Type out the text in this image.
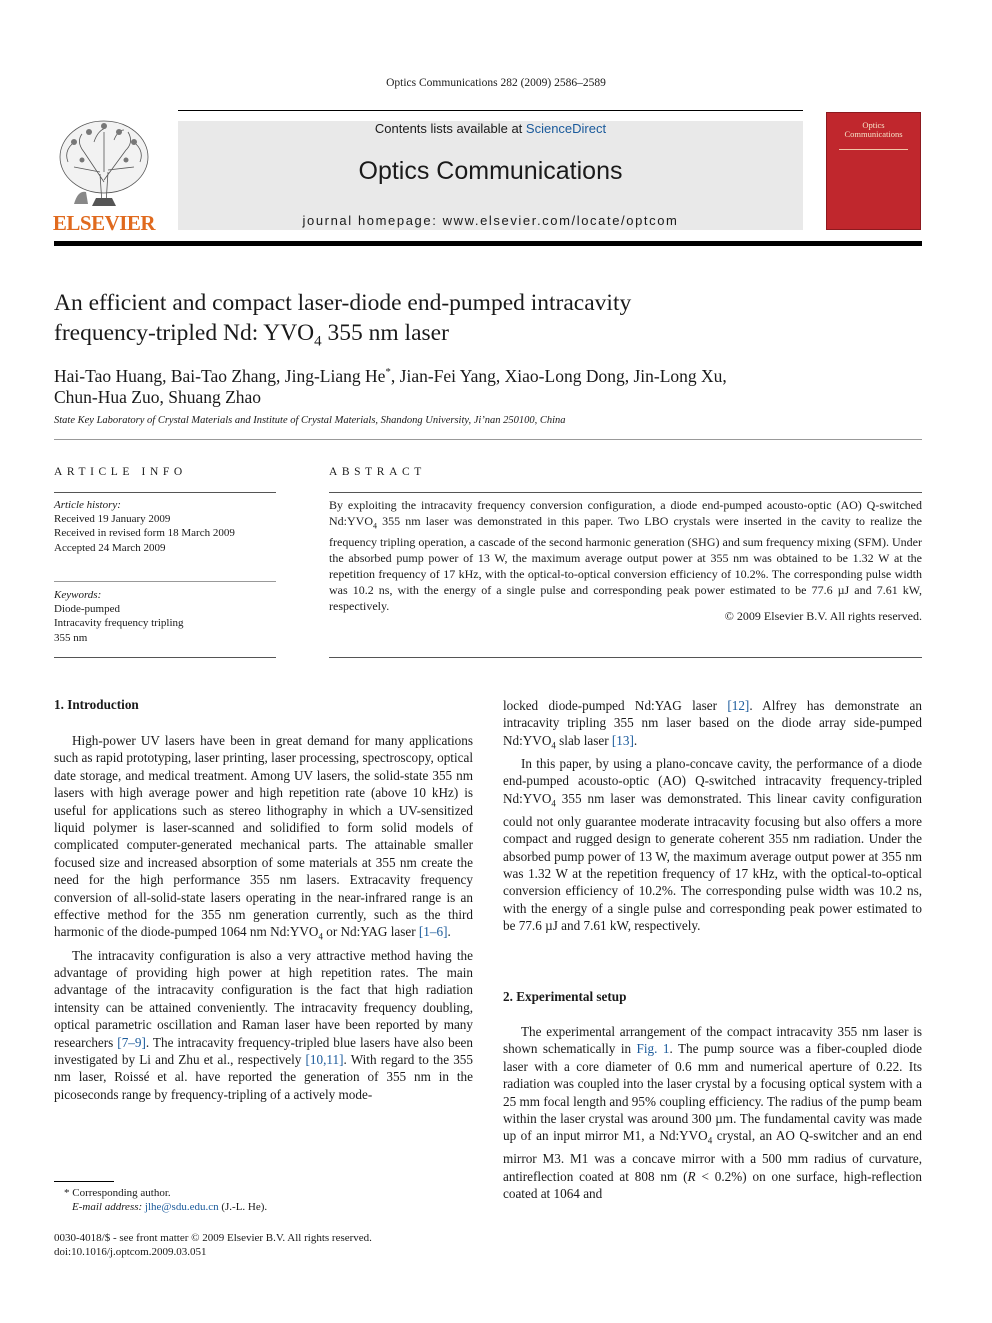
Optics Communications 282 (2009) 2586–2589
ELSEVIER
Contents lists available at ScienceDirect
Optics Communications
journal homepage: www.elsevier.com/locate/optcom
Optics
Communications
An efficient and compact laser-diode end-pumped intracavity
frequency-tripled Nd: $YVO_4$ 355 nm laser
Hai-Tao Huang, Bai-Tao Zhang, Jing-Liang He*, Jian-Fei Yang, Xiao-Long Dong, Jin-Long Xu,
Chun-Hua Zuo, Shuang Zhao
State Key Laboratory of Crystal Materials and Institute of Crystal Materials, Shandong University, Ji’nan 250100, China
ARTICLE INFO
Article history:
Received 19 January 2009
Received in revised form 18 March 2009
Accepted 24 March 2009
Keywords:
Diode-pumped
Intracavity frequency tripling
355 nm
ABSTRACT
By exploiting the intracavity frequency conversion configuration, a diode end-pumped acousto-optic (AO) Q-switched $Nd:YVO_4$ 355 nm laser was demonstrated in this paper. Two LBO crystals were inserted in the cavity to realize the frequency tripling operation, a cascade of the second harmonic generation (SHG) and sum frequency mixing (SFM). Under the absorbed pump power of 13 W, the maximum average output power at 355 nm was obtained to be 1.32 W at the repetition frequency of 17 kHz, with the optical-to-optical conversion efficiency of 10.2%. The corresponding pulse width was 10.2 ns, with the energy of a single pulse and corresponding peak power estimated to be 77.6 µJ and 7.61 kW, respectively.
© 2009 Elsevier B.V. All rights reserved.
1. Introduction

High-power UV lasers have been in great demand for many applications such as rapid prototyping, laser printing, laser processing, spectroscopy, optical date storage, and medical treatment. Among UV lasers, the solid-state 355 nm lasers with high average power and high repetition rate (above 10 kHz) is useful for applications such as stereo lithography in which a UV-sensitized liquid polymer is laser-scanned and solidified to form solid models of complicated computer-generated mechanical parts. The attainable smaller focused size and increased absorption of some materials at 355 nm create the need for the high performance 355 nm lasers. Extracavity frequency conversion of all-solid-state lasers operating in the near-infrared range is an effective method for the 355 nm generation currently, such as the third harmonic of the diode-pumped 1064 nm $Nd:YVO_4$ or Nd:YAG laser [1–6].

The intracavity configuration is also a very attractive method having the advantage of providing high power at high repetition rates. The main advantage of the intracavity configuration is the fact that high radiation intensity can be attained conveniently. The intracavity frequency doubling, optical parametric oscillation and Raman laser have been reported by many researchers [7–9]. The intracavity frequency-tripled blue lasers have also been investigated by Li and Zhu et al., respectively [10,11]. With regard to the 355 nm laser, Roissé et al. have reported the generation of 355 nm in the picoseconds range by frequency-tripling of a actively mode-

locked diode-pumped Nd:YAG laser [12]. Alfrey has demonstrate an intracavity tripling 355 nm laser based on the diode array side-pumped $Nd:YVO_4$ slab laser [13].

In this paper, by using a plano-concave cavity, the performance of a diode end-pumped acousto-optic (AO) Q-switched intracavity frequency-tripled $Nd:YVO_4$ 355 nm laser was demonstrated. This linear cavity configuration could not only guarantee moderate intracavity focusing but also offers a more compact and rugged design to generate coherent 355 nm radiation. Under the absorbed pump power of 13 W, the maximum average output power at 355 nm was 1.32 W at the repetition frequency of 17 kHz, with the optical-to-optical conversion efficiency of 10.2%. The corresponding pulse width was 10.2 ns, with the energy of a single pulse and corresponding peak power estimated to be 77.6 µJ and 7.61 kW, respectively.

2. Experimental setup

The experimental arrangement of the compact intracavity 355 nm laser is shown schematically in Fig. 1. The pump source was a fiber-coupled diode laser with a core diameter of 0.6 mm and numerical aperture of 0.22. Its radiation was coupled into the laser crystal by a focusing optical system with a 25 mm focal length and 95% coupling efficiency. The radius of the pump beam within the laser crystal was around 300 µm. The fundamental cavity was made up of an input mirror M1, a $Nd:YVO_4$ crystal, an AO Q-switcher and an end mirror M3. M1 was a concave mirror with a 500 mm radius of curvature, antireflection coated at 808 nm (R < 0.2%) on one surface, high-reflection coated at 1064 and

* Corresponding author.
E-mail address: jlhe@sdu.edu.cn (J.-L. He).
0030-4018/$ - see front matter © 2009 Elsevier B.V. All rights reserved.
doi:10.1016/j.optcom.2009.03.051
